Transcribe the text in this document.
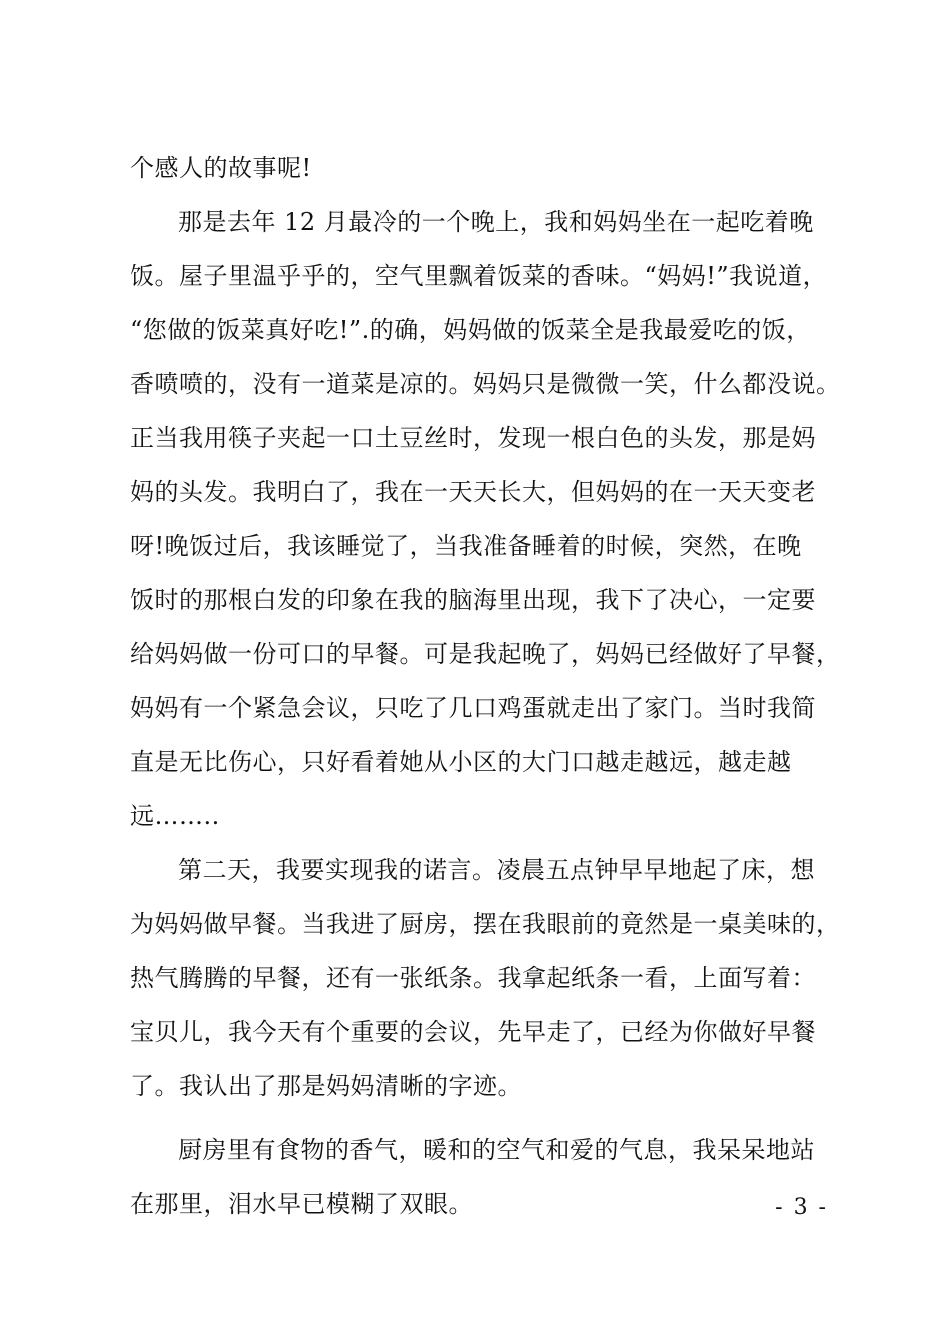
个感人的故事呢!
那是去年 12 月最冷的一个晚上，我和妈妈坐在一起吃着晚
饭。屋子里温乎乎的，空气里飘着饭菜的香味。“妈妈!”我说道，
“您做的饭菜真好吃!”.的确，妈妈做的饭菜全是我最爱吃的饭，
香喷喷的，没有一道菜是凉的。妈妈只是微微一笑，什么都没说。
正当我用筷子夹起一口土豆丝时，发现一根白色的头发，那是妈
妈的头发。我明白了，我在一天天长大，但妈妈的在一天天变老
呀!晚饭过后，我该睡觉了，当我准备睡着的时候，突然，在晚
饭时的那根白发的印象在我的脑海里出现，我下了决心，一定要
给妈妈做一份可口的早餐。可是我起晚了，妈妈已经做好了早餐，
妈妈有一个紧急会议，只吃了几口鸡蛋就走出了家门。当时我简
直是无比伤心，只好看着她从小区的大门口越走越远，越走越
远……..
第二天，我要实现我的诺言。凌晨五点钟早早地起了床，想
为妈妈做早餐。当我进了厨房，摆在我眼前的竟然是一桌美味的，
热气腾腾的早餐，还有一张纸条。我拿起纸条一看，上面写着：
宝贝儿，我今天有个重要的会议，先早走了，已经为你做好早餐
了。我认出了那是妈妈清晰的字迹。
厨房里有食物的香气，暖和的空气和爱的气息，我呆呆地站
在那里，泪水早已模糊了双眼。	- 3 -
